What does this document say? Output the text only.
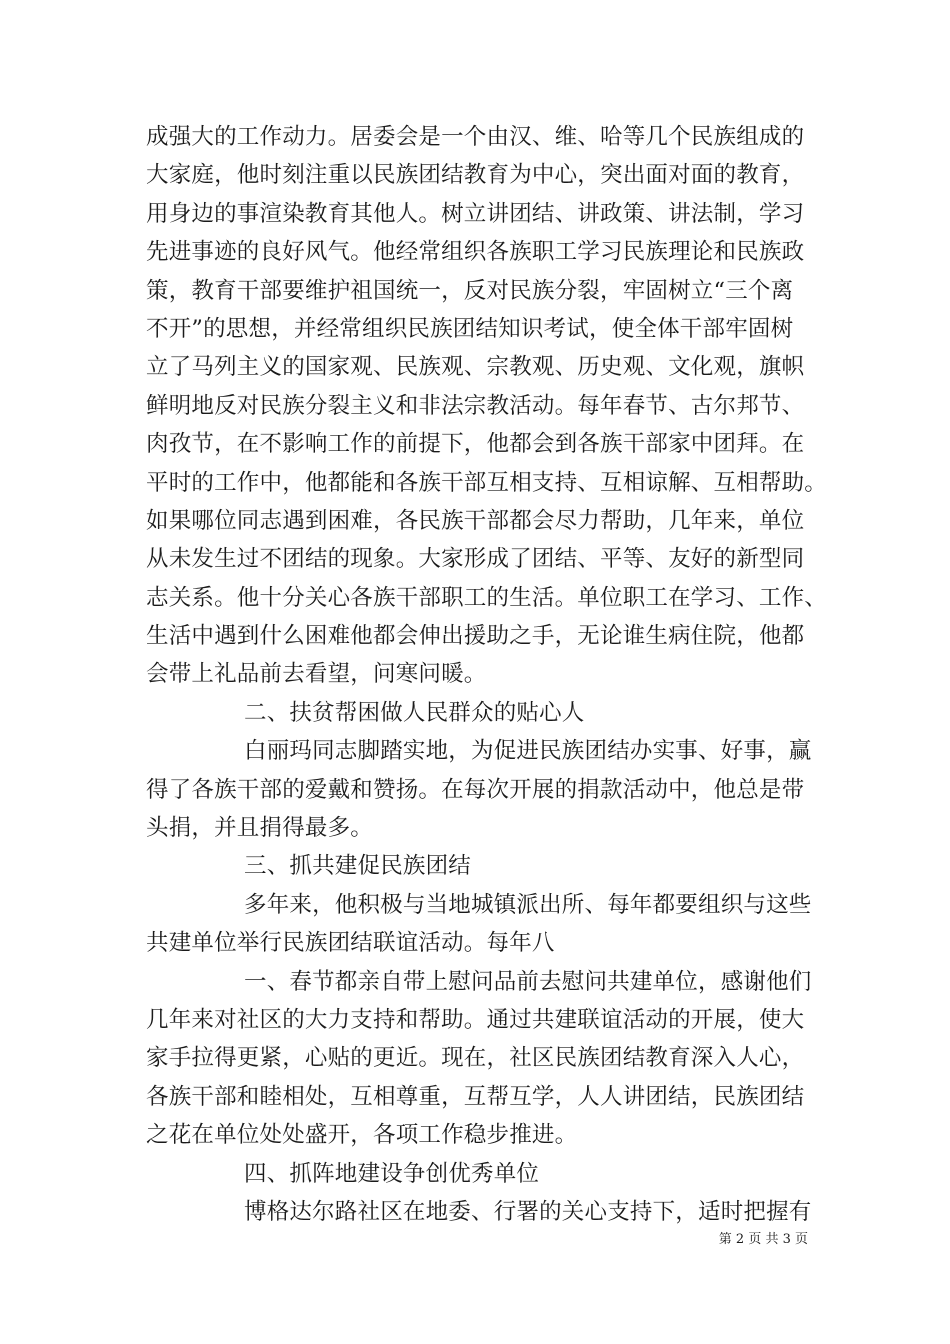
成强大的工作动力。居委会是一个由汉、维、哈等几个民族组成的
大家庭，他时刻注重以民族团结教育为中心，突出面对面的教育，
用身边的事渲染教育其他人。树立讲团结、讲政策、讲法制，学习
先进事迹的良好风气。他经常组织各族职工学习民族理论和民族政
策，教育干部要维护祖国统一，反对民族分裂，牢固树立“三个离
不开”的思想，并经常组织民族团结知识考试，使全体干部牢固树
立了马列主义的国家观、民族观、宗教观、历史观、文化观，旗帜
鲜明地反对民族分裂主义和非法宗教活动。每年春节、古尔邦节、
肉孜节，在不影响工作的前提下，他都会到各族干部家中团拜。在
平时的工作中，他都能和各族干部互相支持、互相谅解、互相帮助。
如果哪位同志遇到困难，各民族干部都会尽力帮助，几年来，单位
从未发生过不团结的现象。大家形成了团结、平等、友好的新型同
志关系。他十分关心各族干部职工的生活。单位职工在学习、工作、
生活中遇到什么困难他都会伸出援助之手，无论谁生病住院，他都
会带上礼品前去看望，问寒问暖。
二、扶贫帮困做人民群众的贴心人
白丽玛同志脚踏实地，为促进民族团结办实事、好事，赢
得了各族干部的爱戴和赞扬。在每次开展的捐款活动中，他总是带
头捐，并且捐得最多。
三、抓共建促民族团结
多年来，他积极与当地城镇派出所、每年都要组织与这些
共建单位举行民族团结联谊活动。每年八
一、春节都亲自带上慰问品前去慰问共建单位，感谢他们
几年来对社区的大力支持和帮助。通过共建联谊活动的开展，使大
家手拉得更紧，心贴的更近。现在，社区民族团结教育深入人心，
各族干部和睦相处，互相尊重，互帮互学，人人讲团结，民族团结
之花在单位处处盛开，各项工作稳步推进。
四、抓阵地建设争创优秀单位
博格达尔路社区在地委、行署的关心支持下，适时把握有
第 2 页 共 3 页
